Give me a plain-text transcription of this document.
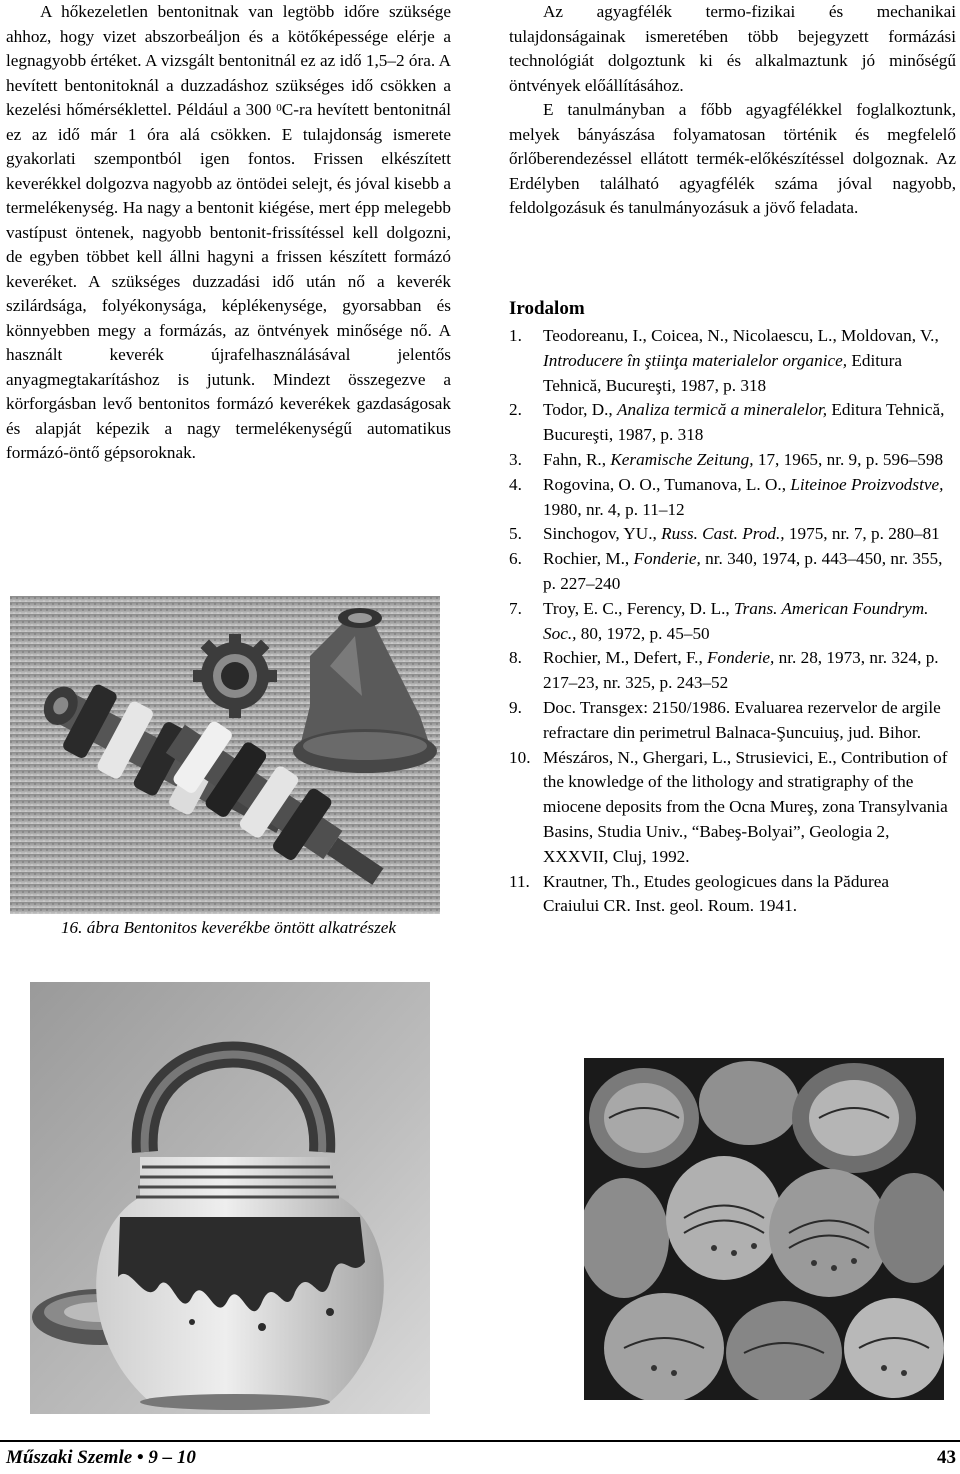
A hőkezeletlen bentonitnak van legtöbb időre szüksége ahhoz, hogy vizet abszorbeáljon és a kötőképessége elérje a legnagyobb értéket. A vizsgált bentonitnál ez az idő 1,5–2 óra. A hevített bentonitoknál a duzzadáshoz szükséges idő csökken a kezelési hőmérséklettel. Például a 300 $^0$C-ra hevített bentonitnál ez az idő már 1 óra alá csökken. E tulajdonság ismerete gyakorlati szempontból igen fontos. Frissen elkészített keverékkel dolgozva nagyobb az öntödei selejt, és jóval kisebb a termelékenység. Ha nagy a bentonit kiégése, mert épp melegebb vastípust öntenek, nagyobb bentonit-frissítéssel kell dolgozni, de egyben többet kell állni hagyni a frissen készített formázó keveréket. A szükséges duzzadási idő után nő a keverék szilárdsága, folyékonysága, képlékenysége, gyorsabban és könnyebben megy a formázás, az öntvények minősége nő. A használt keverék újrafelhasználásával jelentős anyagmegtakarításhoz is jutunk. Mindezt összegezve a körforgásban levő bentonitos formázó keverékek gazdaságosak és alapját képezik a nagy termelékenységű automatikus formázó-öntő gépsoroknak.

16. ábra Bentonitos keverékbe öntött alkatrészek

Az agyagfélék termo-fizikai és mechanikai tulajdonságainak ismeretében több bejegyzett formázási technológiát dolgoztunk ki és alkalmaztunk jó minőségű öntvények előállításához.

E tanulmányban a főbb agyagfélékkel foglalkoztunk, melyek bányászása folyamatosan történik és megfelelő őrlőberendezéssel ellátott termék-előkészítéssel dolgoznak. Az Erdélyben található agyagfélék száma jóval nagyobb, feldolgozásuk és tanulmányozásuk a jövő feladata.

Irodalom
1. Teodoreanu, I., Coicea, N., Nicolaescu, L., Moldovan, V., Introducere în ştiinţa materialelor organice, Editura Tehnică, Bucureşti, 1987, p. 318
2. Todor, D., Analiza termică a mineralelor, Editura Tehnică, Bucureşti, 1987, p. 318
3. Fahn, R., Keramische Zeitung, 17, 1965, nr. 9, p. 596–598
4. Rogovina, O. O., Tumanova, L. O., Liteinoe Proizvodstve, 1980, nr. 4, p. 11–12
5. Sinchogov, YU., Russ. Cast. Prod., 1975, nr. 7, p. 280–81
6. Rochier, M., Fonderie, nr. 340, 1974, p. 443–450, nr. 355, p. 227–240
7. Troy, E. C., Ferency, D. L., Trans. American Foundrym. Soc., 80, 1972, p. 45–50
8. Rochier, M., Defert, F., Fonderie, nr. 28, 1973, nr. 324, p. 217–23, nr. 325, p. 243–52
9. Doc. Transgex: 2150/1986. Evaluarea rezervelor de argile refractare din perimetrul Balnaca-Şuncuiuş, jud. Bihor.
10. Mészáros, N., Ghergari, L., Strusievici, E., Contribution of the knowledge of the lithology and stratigraphy of the miocene deposits from the Ocna Mureş, zona Transylvania Basins, Studia Univ., “Babeş-Bolyai”, Geologia 2, XXXVII, Cluj, 1992.
11. Krautner, Th., Etudes geologicues dans la Pădurea Craiului CR. Inst. geol. Roum. 1941.
Műszaki Szemle • 9 – 10	43
